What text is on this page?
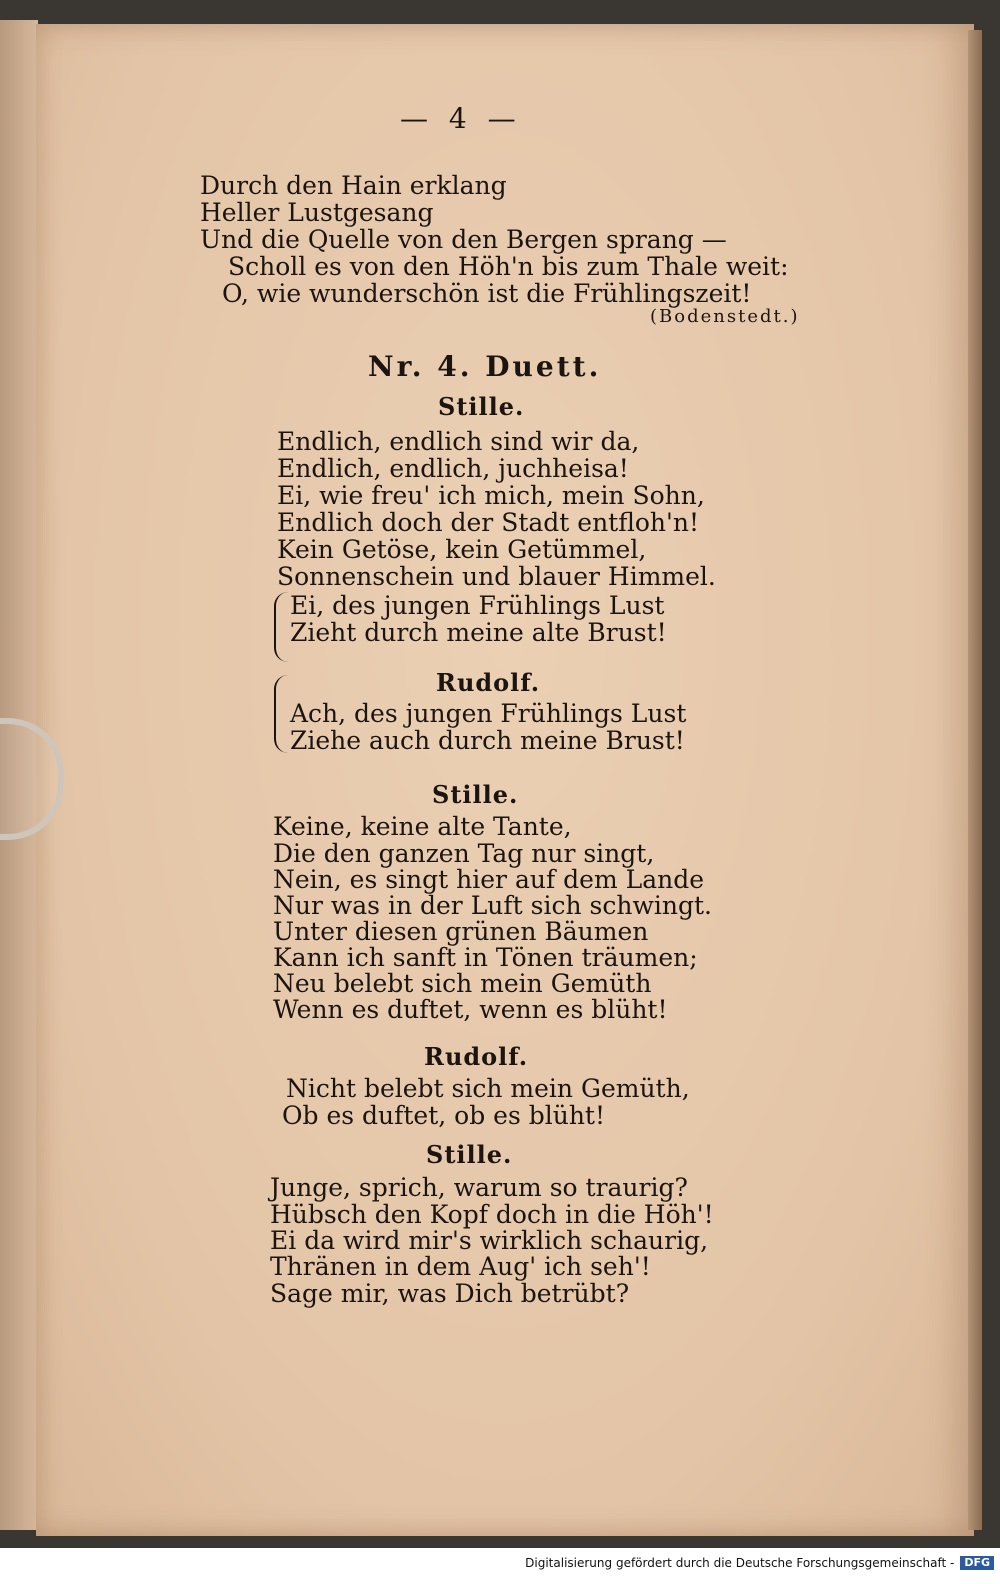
— 4 —
Durch den Hain erklang
Heller Lustgesang
Und die Quelle von den Bergen sprang —
Scholl es von den Höh'n bis zum Thale weit:
O, wie wunderschön ist die Frühlingszeit!
(Bodenstedt.)
Nr. 4. Duett.
Stille.
Endlich, endlich sind wir da,
Endlich, endlich, juchheisa!
Ei, wie freu' ich mich, mein Sohn,
Endlich doch der Stadt entfloh'n!
Kein Getöse, kein Getümmel,
Sonnenschein und blauer Himmel.
Ei, des jungen Frühlings Lust
Zieht durch meine alte Brust!
Rudolf.
Ach, des jungen Frühlings Lust
Ziehe auch durch meine Brust!
Stille.
Keine, keine alte Tante,
Die den ganzen Tag nur singt,
Nein, es singt hier auf dem Lande
Nur was in der Luft sich schwingt.
Unter diesen grünen Bäumen
Kann ich sanft in Tönen träumen;
Neu belebt sich mein Gemüth
Wenn es duftet, wenn es blüht!
Rudolf.
Nicht belebt sich mein Gemüth,
Ob es duftet, ob es blüht!
Stille.
Junge, sprich, warum so traurig?
Hübsch den Kopf doch in die Höh'!
Ei da wird mir's wirklich schaurig,
Thränen in dem Aug' ich seh'!
Sage mir, was Dich betrübt?
Digitalisierung gefördert durch die Deutsche Forschungsgemeinschaft - DFG
